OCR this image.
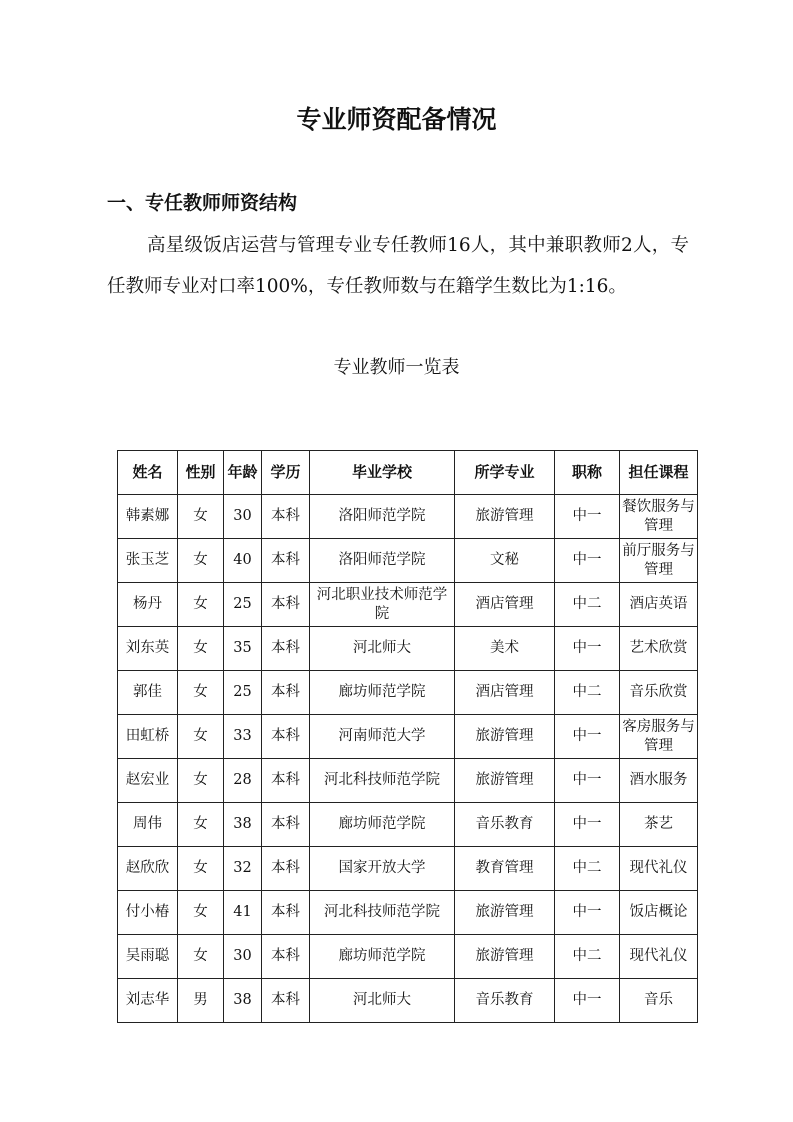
专业师资配备情况
一、专任教师师资结构
高星级饭店运营与管理专业专任教师16人，其中兼职教师2人，专任教师专业对口率100%，专任教师数与在籍学生数比为1:16。
专业教师一览表
姓名	性别	年龄	学历	毕业学校	所学专业	职称	担任课程
韩素娜	女	30	本科	洛阳师范学院	旅游管理	中一	餐饮服务与管理
张玉芝	女	40	本科	洛阳师范学院	文秘	中一	前厅服务与管理
杨丹	女	25	本科	河北职业技术师范学院	酒店管理	中二	酒店英语
刘东英	女	35	本科	河北师大	美术	中一	艺术欣赏
郭佳	女	25	本科	廊坊师范学院	酒店管理	中二	音乐欣赏
田虹桥	女	33	本科	河南师范大学	旅游管理	中一	客房服务与管理
赵宏业	女	28	本科	河北科技师范学院	旅游管理	中一	酒水服务
周伟	女	38	本科	廊坊师范学院	音乐教育	中一	茶艺
赵欣欣	女	32	本科	国家开放大学	教育管理	中二	现代礼仪
付小椿	女	41	本科	河北科技师范学院	旅游管理	中一	饭店概论
吴雨聪	女	30	本科	廊坊师范学院	旅游管理	中二	现代礼仪
刘志华	男	38	本科	河北师大	音乐教育	中一	音乐
